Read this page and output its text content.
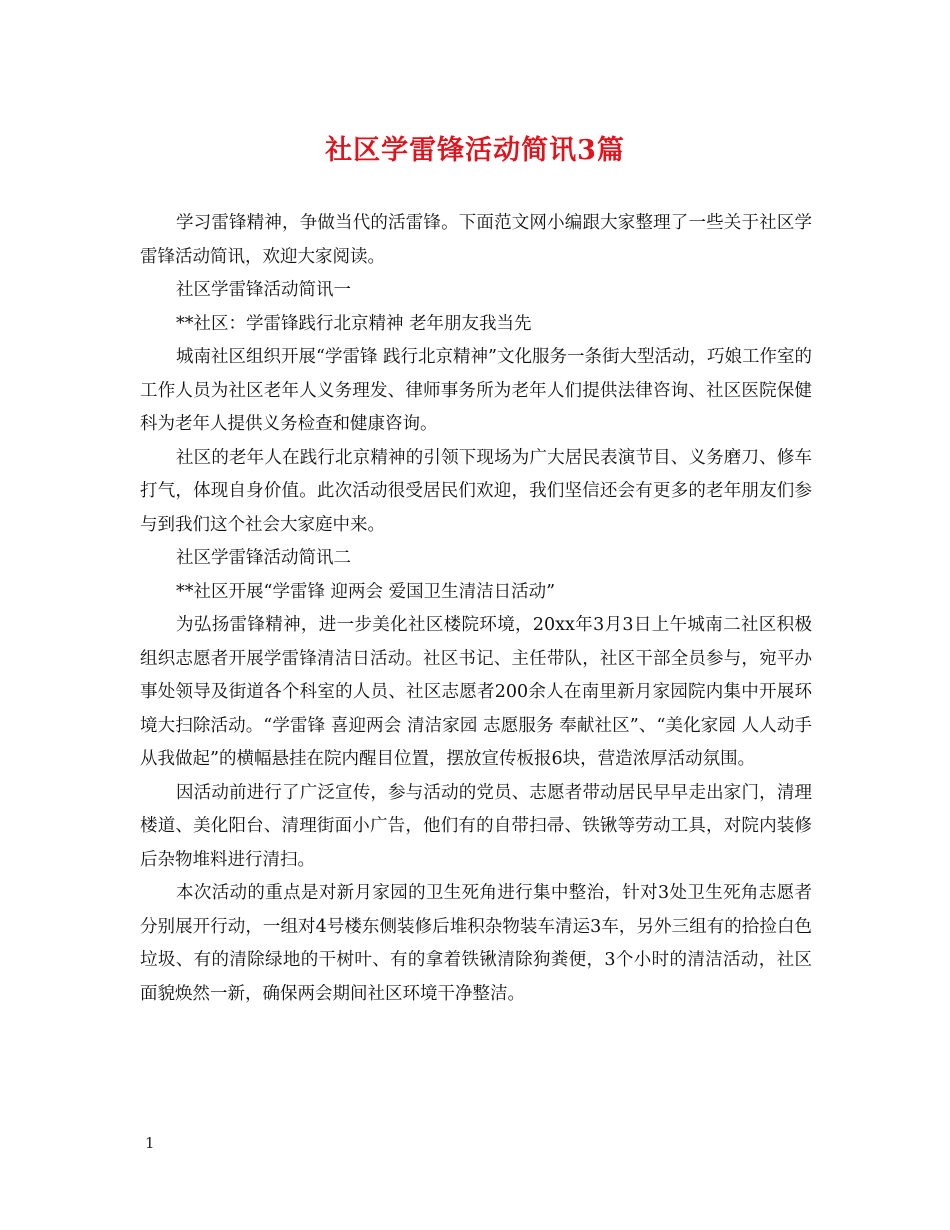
社区学雷锋活动简讯3篇

学习雷锋精神，争做当代的活雷锋。下面范文网小编跟大家整理了一些关于社区学雷锋活动简讯，欢迎大家阅读。

社区学雷锋活动简讯一

**社区：学雷锋践行北京精神 老年朋友我当先

城南社区组织开展“学雷锋 践行北京精神”文化服务一条街大型活动，巧娘工作室的工作人员为社区老年人义务理发、律师事务所为老年人们提供法律咨询、社区医院保健科为老年人提供义务检查和健康咨询。

社区的老年人在践行北京精神的引领下现场为广大居民表演节目、义务磨刀、修车打气，体现自身价值。此次活动很受居民们欢迎，我们坚信还会有更多的老年朋友们参与到我们这个社会大家庭中来。

社区学雷锋活动简讯二

**社区开展“学雷锋 迎两会 爱国卫生清洁日活动”

为弘扬雷锋精神，进一步美化社区楼院环境，20xx年3月3日上午城南二社区积极组织志愿者开展学雷锋清洁日活动。社区书记、主任带队，社区干部全员参与，宛平办事处领导及街道各个科室的人员、社区志愿者200余人在南里新月家园院内集中开展环境大扫除活动。“学雷锋 喜迎两会 清洁家园 志愿服务 奉献社区”、“美化家园 人人动手 从我做起”的横幅悬挂在院内醒目位置，摆放宣传板报6块，营造浓厚活动氛围。

因活动前进行了广泛宣传，参与活动的党员、志愿者带动居民早早走出家门，清理楼道、美化阳台、清理街面小广告，他们有的自带扫帚、铁锹等劳动工具，对院内装修后杂物堆料进行清扫。

本次活动的重点是对新月家园的卫生死角进行集中整治，针对3处卫生死角志愿者分别展开行动，一组对4号楼东侧装修后堆积杂物装车清运3车，另外三组有的拾捡白色垃圾、有的清除绿地的干树叶、有的拿着铁锹清除狗粪便，3个小时的清洁活动，社区面貌焕然一新，确保两会期间社区环境干净整洁。

1
